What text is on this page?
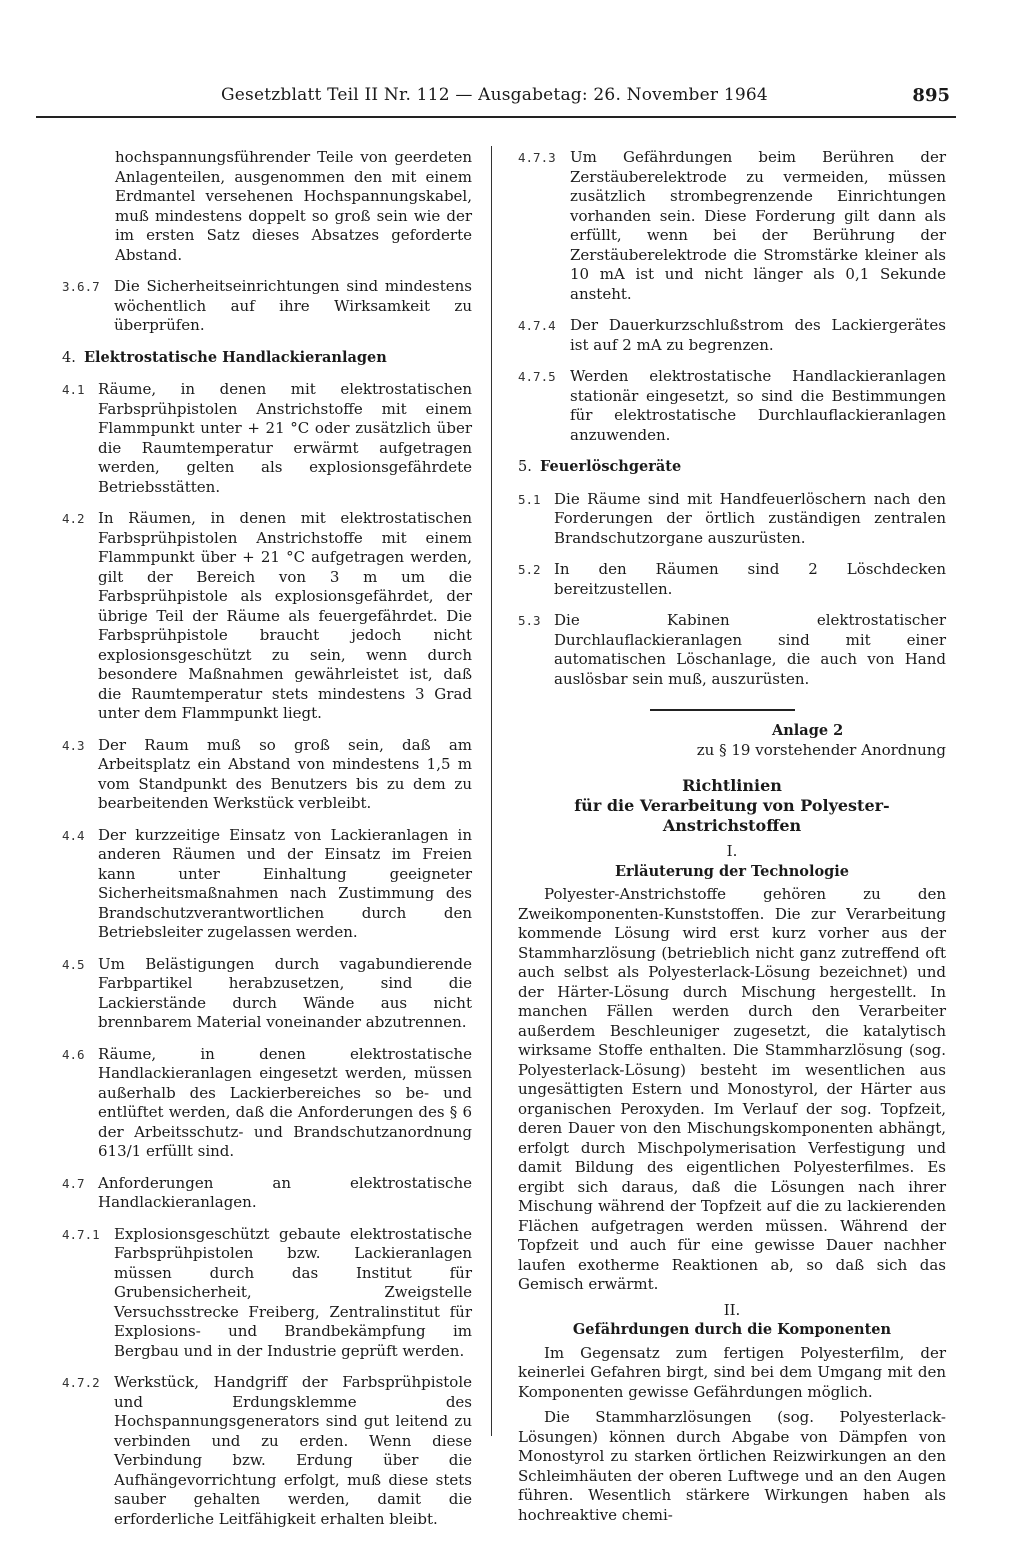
Gesetzblatt Teil II Nr. 112 — Ausgabetag: 26. November 1964	895
hochspannungsführender Teile von geerdeten Anlagenteilen, ausgenommen den mit einem Erdmantel versehenen Hochspannungskabel, muß mindestens doppelt so groß sein wie der im ersten Satz dieses Absatzes geforderte Abstand.
3.6.7 Die Sicherheitseinrichtungen sind mindestens wöchentlich auf ihre Wirksamkeit zu überprüfen.
4. Elektrostatische Handlackieranlagen
4.1 Räume, in denen mit elektrostatischen Farbsprühpistolen Anstrichstoffe mit einem Flammpunkt unter + 21 °C oder zusätzlich über die Raumtemperatur erwärmt aufgetragen werden, gelten als explosionsgefährdete Betriebsstätten.
4.2 In Räumen, in denen mit elektrostatischen Farbsprühpistolen Anstrichstoffe mit einem Flammpunkt über + 21 °C aufgetragen werden, gilt der Bereich von 3 m um die Farbsprühpistole als explosionsgefährdet, der übrige Teil der Räume als feuergefährdet. Die Farbsprühpistole braucht jedoch nicht explosionsgeschützt zu sein, wenn durch besondere Maßnahmen gewährleistet ist, daß die Raumtemperatur stets mindestens 3 Grad unter dem Flammpunkt liegt.
4.3 Der Raum muß so groß sein, daß am Arbeitsplatz ein Abstand von mindestens 1,5 m vom Standpunkt des Benutzers bis zu dem zu bearbeitenden Werkstück verbleibt.
4.4 Der kurzzeitige Einsatz von Lackieranlagen in anderen Räumen und der Einsatz im Freien kann unter Einhaltung geeigneter Sicherheitsmaßnahmen nach Zustimmung des Brandschutzverantwortlichen durch den Betriebsleiter zugelassen werden.
4.5 Um Belästigungen durch vagabundierende Farbpartikel herabzusetzen, sind die Lackierstände durch Wände aus nicht brennbarem Material voneinander abzutrennen.
4.6 Räume, in denen elektrostatische Handlackieranlagen eingesetzt werden, müssen außerhalb des Lackierbereiches so be- und entlüftet werden, daß die Anforderungen des § 6 der Arbeitsschutz- und Brandschutzanordnung 613/1 erfüllt sind.
4.7 Anforderungen an elektrostatische Handlackieranlagen.
4.7.1 Explosionsgeschützt gebaute elektrostatische Farbsprühpistolen bzw. Lackieranlagen müssen durch das Institut für Grubensicherheit, Zweigstelle Versuchsstrecke Freiberg, Zentralinstitut für Explosions- und Brandbekämpfung im Bergbau und in der Industrie geprüft werden.
4.7.2 Werkstück, Handgriff der Farbsprühpistole und Erdungsklemme des Hochspannungsgenerators sind gut leitend zu verbinden und zu erden. Wenn diese Verbindung bzw. Erdung über die Aufhängevorrichtung erfolgt, muß diese stets sauber gehalten werden, damit die erforderliche Leitfähigkeit erhalten bleibt.
4.7.3 Um Gefährdungen beim Berühren der Zerstäuberelektrode zu vermeiden, müssen zusätzlich strombegrenzende Einrichtungen vorhanden sein. Diese Forderung gilt dann als erfüllt, wenn bei der Berührung der Zerstäuberelektrode die Stromstärke kleiner als 10 mA ist und nicht länger als 0,1 Sekunde ansteht.
4.7.4 Der Dauerkurzschlußstrom des Lackiergerätes ist auf 2 mA zu begrenzen.
4.7.5 Werden elektrostatische Handlackieranlagen stationär eingesetzt, so sind die Bestimmungen für elektrostatische Durchlauflackieranlagen anzuwenden.
5. Feuerlöschgeräte
5.1 Die Räume sind mit Handfeuerlöschern nach den Forderungen der örtlich zuständigen zentralen Brandschutzorgane auszurüsten.
5.2 In den Räumen sind 2 Löschdecken bereitzustellen.
5.3 Die Kabinen elektrostatischer Durchlauflackieranlagen sind mit einer automatischen Löschanlage, die auch von Hand auslösbar sein muß, auszurüsten.
Anlage 2
zu § 19 vorstehender Anordnung
Richtlinien
für die Verarbeitung von Polyester-Anstrichstoffen
I.
Erläuterung der Technologie
Polyester-Anstrichstoffe gehören zu den Zweikomponenten-Kunststoffen. Die zur Verarbeitung kommende Lösung wird erst kurz vorher aus der Stammharzlösung (betrieblich nicht ganz zutreffend oft auch selbst als Polyesterlack-Lösung bezeichnet) und der Härter-Lösung durch Mischung hergestellt. In manchen Fällen werden durch den Verarbeiter außerdem Beschleuniger zugesetzt, die katalytisch wirksame Stoffe enthalten. Die Stammharzlösung (sog. Polyesterlack-Lösung) besteht im wesentlichen aus ungesättigten Estern und Monostyrol, der Härter aus organischen Peroxyden. Im Verlauf der sog. Topfzeit, deren Dauer von den Mischungskomponenten abhängt, erfolgt durch Mischpolymerisation Verfestigung und damit Bildung des eigentlichen Polyesterfilmes. Es ergibt sich daraus, daß die Lösungen nach ihrer Mischung während der Topfzeit auf die zu lackierenden Flächen aufgetragen werden müssen. Während der Topfzeit und auch für eine gewisse Dauer nachher laufen exotherme Reaktionen ab, so daß sich das Gemisch erwärmt.
II.
Gefährdungen durch die Komponenten
Im Gegensatz zum fertigen Polyesterfilm, der keinerlei Gefahren birgt, sind bei dem Umgang mit den Komponenten gewisse Gefährdungen möglich.
Die Stammharzlösungen (sog. Polyesterlack-Lösungen) können durch Abgabe von Dämpfen von Monostyrol zu starken örtlichen Reizwirkungen an den Schleimhäuten der oberen Luftwege und an den Augen führen. Wesentlich stärkere Wirkungen haben als hochreaktive chemi-
